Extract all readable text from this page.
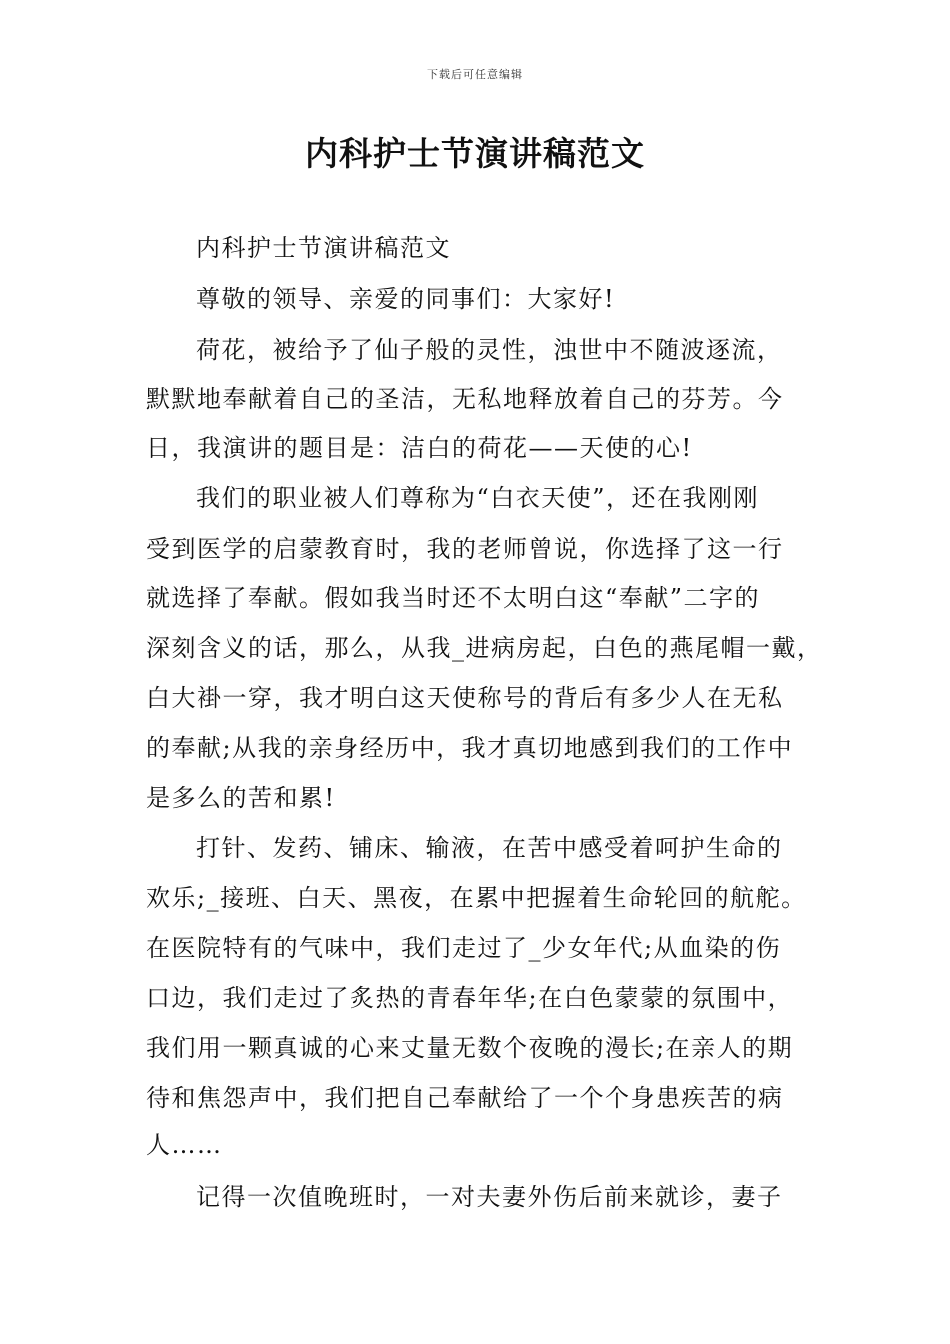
下载后可任意编辑
内科护士节演讲稿范文
内科护士节演讲稿范文
尊敬的领导、亲爱的同事们：大家好!
荷花，被给予了仙子般的灵性，浊世中不随波逐流，
默默地奉献着自己的圣洁，无私地释放着自己的芬芳。今
日，我演讲的题目是：洁白的荷花——天使的心!
我们的职业被人们尊称为“白衣天使”，还在我刚刚
受到医学的启蒙教育时，我的老师曾说，你选择了这一行
就选择了奉献。假如我当时还不太明白这“奉献”二字的
深刻含义的话，那么，从我_进病房起，白色的燕尾帽一戴，
白大褂一穿，我才明白这天使称号的背后有多少人在无私
的奉献;从我的亲身经历中，我才真切地感到我们的工作中
是多么的苦和累!
打针、发药、铺床、输液，在苦中感受着呵护生命的
欢乐;_接班、白天、黑夜，在累中把握着生命轮回的航舵。
在医院特有的气味中，我们走过了_少女年代;从血染的伤
口边，我们走过了炙热的青春年华;在白色蒙蒙的氛围中，
我们用一颗真诚的心来丈量无数个夜晚的漫长;在亲人的期
待和焦怨声中，我们把自己奉献给了一个个身患疾苦的病
人……
记得一次值晚班时，一对夫妻外伤后前来就诊，妻子
